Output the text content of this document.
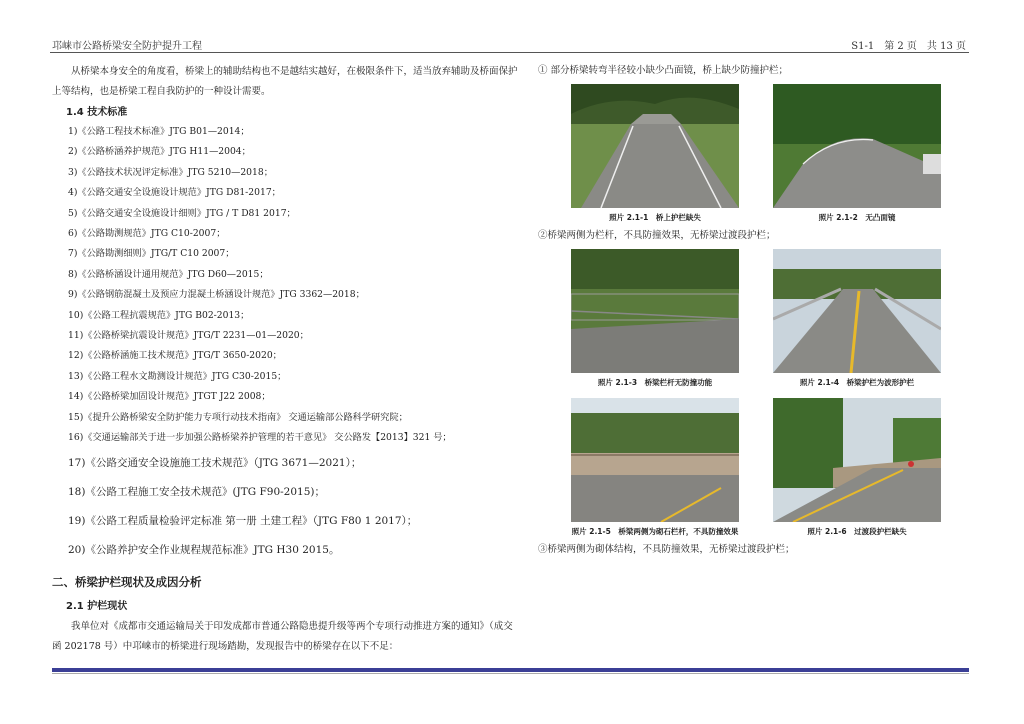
邛崃市公路桥梁安全防护提升工程	S1-1　第 2 页　共 13 页

从桥梁本身安全的角度看，桥梁上的辅助结构也不是越结实越好，在极限条件下，适当放弃辅助及桥面保护上等结构，也是桥梁工程自我防护的一种设计需要。

1.4 技术标准
1)《公路工程技术标准》JTG B01—2014；
2)《公路桥涵养护规范》JTG H11—2004；
3)《公路技术状况评定标准》JTG 5210—2018；
4)《公路交通安全设施设计规范》JTG D81-2017；
5)《公路交通安全设施设计细则》JTG / T D81 2017；
6)《公路勘测规范》JTG C10-2007；
7)《公路勘测细则》JTG/T C10 2007；
8)《公路桥涵设计通用规范》JTG D60—2015；
9)《公路钢筋混凝土及预应力混凝土桥涵设计规范》JTG 3362—2018；
10)《公路工程抗震规范》JTG B02-2013；
11)《公路桥梁抗震设计规范》JTG/T 2231—01—2020；
12)《公路桥涵施工技术规范》JTG/T 3650-2020；
13)《公路工程水文勘测设计规范》JTG C30-2015；
14)《公路桥梁加固设计规范》JTGT J22 2008；
15)《提升公路桥梁安全防护能力专项行动技术指南》 交通运输部公路科学研究院；
16)《交通运输部关于进一步加强公路桥梁养护管理的若干意见》 交公路发【2013】321 号；
17)《公路交通安全设施施工技术规范》（JTG 3671—2021）；
18)《公路工程施工安全技术规范》(JTG F90-2015)；
19)《公路工程质量检验评定标准 第一册 土建工程》（JTG F80 1 2017）；
20)《公路养护安全作业规程规范标准》JTG H30 2015。
二、桥梁护栏现状及成因分析
2.1 护栏现状

我单位对《成都市交通运输局关于印发成都市普通公路隐患提升级等两个专项行动推进方案的通知》（成交函 202178 号）中邛崃市的桥梁进行现场踏勘，发现报告中的桥梁存在以下不足：

① 部分桥梁转弯半径较小缺少凸面镜，桥上缺少防撞护栏；

照片 2.1-1　桥上护栏缺失	照片 2.1-2　无凸面镜

②桥梁两侧为栏杆，不具防撞效果，无桥梁过渡段护栏；

照片 2.1-3　桥梁栏杆无防撞功能	照片 2.1-4　桥梁护栏为波形护栏
照片 2.1-5　桥梁两侧为砌石栏杆，不具防撞效果	照片 2.1-6　过渡段护栏缺失

③桥梁两侧为砌体结构，不具防撞效果，无桥梁过渡段护栏；
